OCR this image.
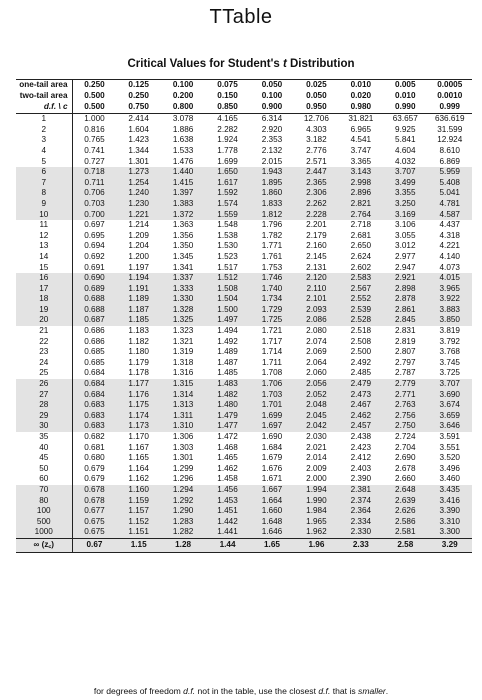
TTable
Critical Values for Student's t Distribution
one-tail area	0.250	0.125	0.100	0.075	0.050	0.025	0.010	0.005	0.0005
two-tail area	0.500	0.250	0.200	0.150	0.100	0.050	0.020	0.010	0.0010
d.f. \ c	0.500	0.750	0.800	0.850	0.900	0.950	0.980	0.990	0.999
1	1.000	2.414	3.078	4.165	6.314	12.706	31.821	63.657	636.619
2	0.816	1.604	1.886	2.282	2.920	4.303	6.965	9.925	31.599
3	0.765	1.423	1.638	1.924	2.353	3.182	4.541	5.841	12.924
4	0.741	1.344	1.533	1.778	2.132	2.776	3.747	4.604	8.610
5	0.727	1.301	1.476	1.699	2.015	2.571	3.365	4.032	6.869
6	0.718	1.273	1.440	1.650	1.943	2.447	3.143	3.707	5.959
7	0.711	1.254	1.415	1.617	1.895	2.365	2.998	3.499	5.408
8	0.706	1.240	1.397	1.592	1.860	2.306	2.896	3.355	5.041
9	0.703	1.230	1.383	1.574	1.833	2.262	2.821	3.250	4.781
10	0.700	1.221	1.372	1.559	1.812	2.228	2.764	3.169	4.587
11	0.697	1.214	1.363	1.548	1.796	2.201	2.718	3.106	4.437
12	0.695	1.209	1.356	1.538	1.782	2.179	2.681	3.055	4.318
13	0.694	1.204	1.350	1.530	1.771	2.160	2.650	3.012	4.221
14	0.692	1.200	1.345	1.523	1.761	2.145	2.624	2.977	4.140
15	0.691	1.197	1.341	1.517	1.753	2.131	2.602	2.947	4.073
16	0.690	1.194	1.337	1.512	1.746	2.120	2.583	2.921	4.015
17	0.689	1.191	1.333	1.508	1.740	2.110	2.567	2.898	3.965
18	0.688	1.189	1.330	1.504	1.734	2.101	2.552	2.878	3.922
19	0.688	1.187	1.328	1.500	1.729	2.093	2.539	2.861	3.883
20	0.687	1.185	1.325	1.497	1.725	2.086	2.528	2.845	3.850
21	0.686	1.183	1.323	1.494	1.721	2.080	2.518	2.831	3.819
22	0.686	1.182	1.321	1.492	1.717	2.074	2.508	2.819	3.792
23	0.685	1.180	1.319	1.489	1.714	2.069	2.500	2.807	3.768
24	0.685	1.179	1.318	1.487	1.711	2.064	2.492	2.797	3.745
25	0.684	1.178	1.316	1.485	1.708	2.060	2.485	2.787	3.725
26	0.684	1.177	1.315	1.483	1.706	2.056	2.479	2.779	3.707
27	0.684	1.176	1.314	1.482	1.703	2.052	2.473	2.771	3.690
28	0.683	1.175	1.313	1.480	1.701	2.048	2.467	2.763	3.674
29	0.683	1.174	1.311	1.479	1.699	2.045	2.462	2.756	3.659
30	0.683	1.173	1.310	1.477	1.697	2.042	2.457	2.750	3.646
35	0.682	1.170	1.306	1.472	1.690	2.030	2.438	2.724	3.591
40	0.681	1.167	1.303	1.468	1.684	2.021	2.423	2.704	3.551
45	0.680	1.165	1.301	1.465	1.679	2.014	2.412	2.690	3.520
50	0.679	1.164	1.299	1.462	1.676	2.009	2.403	2.678	3.496
60	0.679	1.162	1.296	1.458	1.671	2.000	2.390	2.660	3.460
70	0.678	1.160	1.294	1.456	1.667	1.994	2.381	2.648	3.435
80	0.678	1.159	1.292	1.453	1.664	1.990	2.374	2.639	3.416
100	0.677	1.157	1.290	1.451	1.660	1.984	2.364	2.626	3.390
500	0.675	1.152	1.283	1.442	1.648	1.965	2.334	2.586	3.310
1000	0.675	1.151	1.282	1.441	1.646	1.962	2.330	2.581	3.300
∞ (z꜀)	0.67	1.15	1.28	1.44	1.65	1.96	2.33	2.58	3.29
for degrees of freedom d.f. not in the table, use the closest d.f. that is smaller.
